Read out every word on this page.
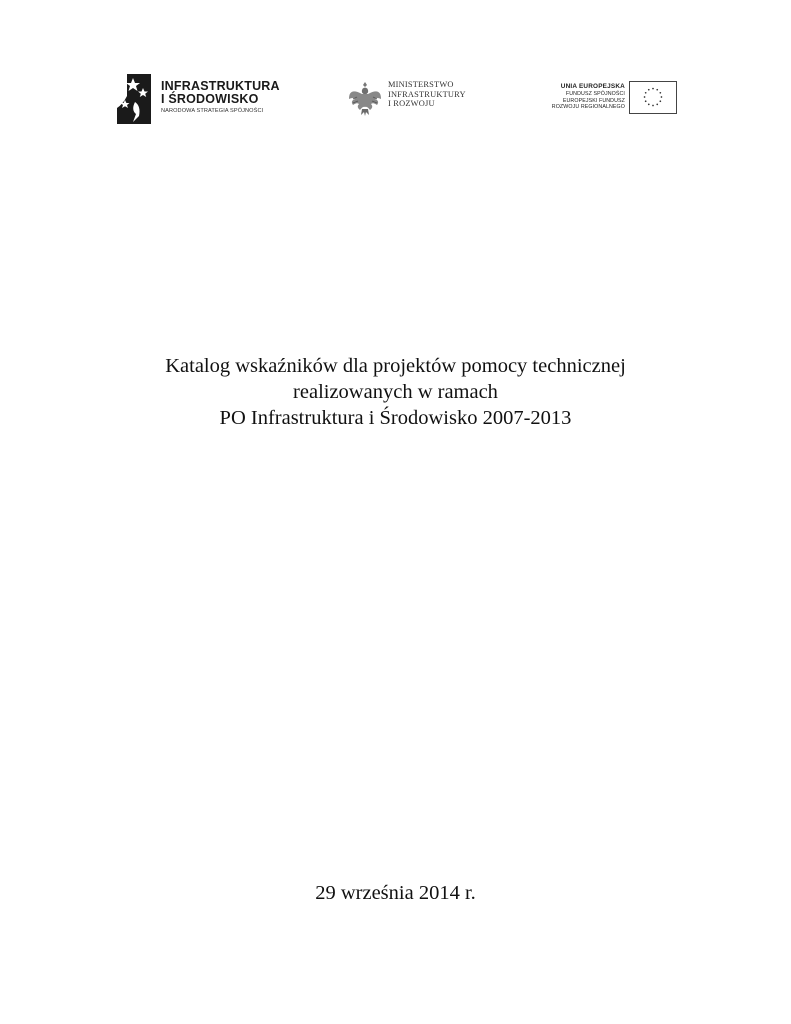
INFRASTRUKTURA
I ŚRODOWISKO
NARODOWA STRATEGIA SPÓJNOŚCI
MINISTERSTWO
INFRASTRUKTURY
I ROZWOJU
UNIA EUROPEJSKA
FUNDUSZ SPÓJNOŚCI
EUROPEJSKI FUNDUSZ
ROZWOJU REGIONALNEGO
Katalog wskaźników dla projektów pomocy technicznej
realizowanych w ramach
PO Infrastruktura i Środowisko 2007-2013
29 września 2014 r.
